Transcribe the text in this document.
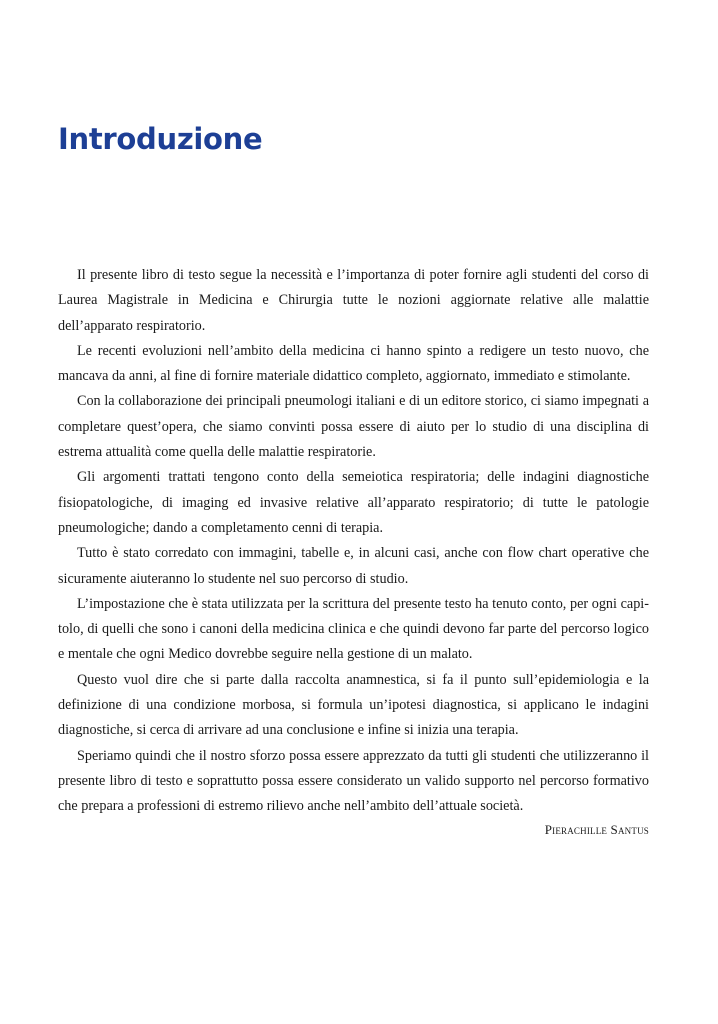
Introduzione

Il presente libro di testo segue la necessità e l’importanza di poter fornire agli studenti del corso di Laurea Magistrale in Medicina e Chirurgia tutte le nozioni aggiornate relative alle malattie dell’apparato respiratorio.

Le recenti evoluzioni nell’ambito della medicina ci hanno spinto a redigere un testo nuovo, che mancava da anni, al fine di fornire materiale didattico completo, aggiornato, immediato e stimolante.

Con la collaborazione dei principali pneumologi italiani e di un editore storico, ci siamo impegnati a completare quest’opera, che siamo convinti possa essere di aiuto per lo studio di una disciplina di estrema attualità come quella delle malattie respiratorie.

Gli argomenti trattati tengono conto della semeiotica respiratoria; delle indagini diagnostiche fisiopatologiche, di imaging ed invasive relative all’apparato respiratorio; di tutte le patologie pneumologiche; dando a completamento cenni di terapia.

Tutto è stato corredato con immagini, tabelle e, in alcuni casi, anche con flow chart operative che sicuramente aiuteranno lo studente nel suo percorso di studio.

L’impostazione che è stata utilizzata per la scrittura del presente testo ha tenuto conto, per ogni capitolo, di quelli che sono i canoni della medicina clinica e che quindi devono far parte del percorso logico e mentale che ogni Medico dovrebbe seguire nella gestione di un malato.

Questo vuol dire che si parte dalla raccolta anamnestica, si fa il punto sull’epidemiologia e la definizione di una condizione morbosa, si formula un’ipotesi diagnostica, si applicano le indagini diagnostiche, si cerca di arrivare ad una conclusione e infine si inizia una terapia.

Speriamo quindi che il nostro sforzo possa essere apprezzato da tutti gli studenti che utilizzeranno il presente libro di testo e soprattutto possa essere considerato un valido supporto nel percorso formativo che prepara a professioni di estremo rilievo anche nell’ambito dell’attuale società.

Pierachille Santus
